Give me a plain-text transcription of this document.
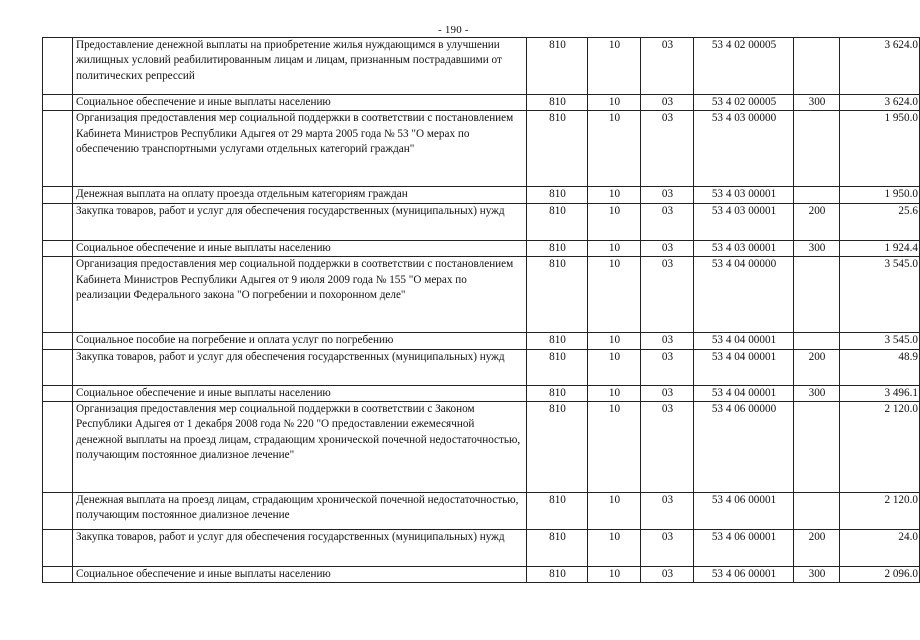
- 190 -
	Предоставление денежной выплаты на приобретение жилья нуждающимся в улучшении жилищных условий реабилитированным лицам и лицам, признанным пострадавшими от политических репрессий	810	10	03	53 4 02 00005		3 624.0
	Социальное обеспечение и иные выплаты населению	810	10	03	53 4 02 00005	300	3 624.0
	Организация предоставления мер социальной поддержки в соответствии с постановлением Кабинета Министров Республики Адыгея от 29 марта 2005 года № 53 "О мерах по обеспечению транспортными услугами отдельных категорий граждан"	810	10	03	53 4 03 00000		1 950.0
	Денежная выплата на оплату проезда отдельным категориям граждан	810	10	03	53 4 03 00001		1 950.0
	Закупка товаров, работ и услуг для обеспечения государственных (муниципальных) нужд	810	10	03	53 4 03 00001	200	25.6
	Социальное обеспечение и иные выплаты населению	810	10	03	53 4 03 00001	300	1 924.4
	Организация предоставления мер социальной поддержки в соответствии с постановлением Кабинета Министров Республики Адыгея от 9 июля 2009 года № 155 "О мерах по реализации Федерального закона "О погребении и похоронном деле"	810	10	03	53 4 04 00000		3 545.0
	Социальное пособие на погребение и оплата услуг по погребению	810	10	03	53 4 04 00001		3 545.0
	Закупка товаров, работ и услуг для обеспечения государственных (муниципальных) нужд	810	10	03	53 4 04 00001	200	48.9
	Социальное обеспечение и иные выплаты населению	810	10	03	53 4 04 00001	300	3 496.1
	Организация предоставления мер социальной поддержки в соответствии с Законом Республики Адыгея от 1 декабря 2008 года № 220 "О предоставлении ежемесячной денежной выплаты на проезд лицам, страдающим хронической почечной недостаточностью, получающим постоянное диализное лечение"	810	10	03	53 4 06 00000		2 120.0
	Денежная выплата на проезд лицам, страдающим хронической почечной недостаточностью, получающим постоянное диализное лечение	810	10	03	53 4 06 00001		2 120.0
	Закупка товаров, работ и услуг для обеспечения государственных (муниципальных) нужд	810	10	03	53 4 06 00001	200	24.0
	Социальное обеспечение и иные выплаты населению	810	10	03	53 4 06 00001	300	2 096.0
